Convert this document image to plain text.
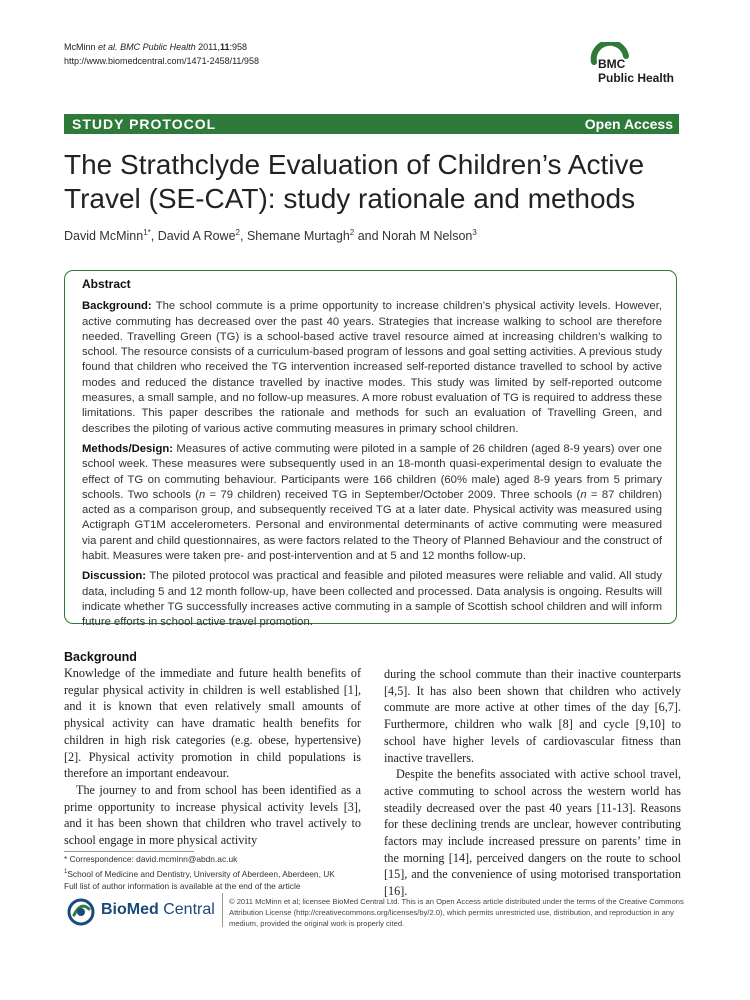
McMinn et al. BMC Public Health 2011,11:958
http://www.biomedcentral.com/1471-2458/11/958	BMC
Public Health
STUDY PROTOCOL	Open Access
The Strathclyde Evaluation of Children’s Active Travel (SE-CAT): study rationale and methods
David McMinn$^{1*}$, David A Rowe$^2$, Shemane Murtagh$^2$ and Norah M Nelson$^3$
Abstract

Background: The school commute is a prime opportunity to increase children’s physical activity levels. However, active commuting has decreased over the past 40 years. Strategies that increase walking to school are therefore needed. Travelling Green (TG) is a school-based active travel resource aimed at increasing children’s walking to school. The resource consists of a curriculum-based program of lessons and goal setting activities. A previous study found that children who received the TG intervention increased self-reported distance travelled to school by active modes and reduced the distance travelled by inactive modes. This study was limited by self-reported outcome measures, a small sample, and no follow-up measures. A more robust evaluation of TG is required to address these limitations. This paper describes the rationale and methods for such an evaluation of Travelling Green, and describes the piloting of various active commuting measures in primary school children.

Methods/Design: Measures of active commuting were piloted in a sample of 26 children (aged 8-9 years) over one school week. These measures were subsequently used in an 18-month quasi-experimental design to evaluate the effect of TG on commuting behaviour. Participants were 166 children (60% male) aged 8-9 years from 5 primary schools. Two schools (n = 79 children) received TG in September/October 2009. Three schools (n = 87 children) acted as a comparison group, and subsequently received TG at a later date. Physical activity was measured using Actigraph GT1M accelerometers. Personal and environmental determinants of active commuting were measured via parent and child questionnaires, as were factors related to the Theory of Planned Behaviour and the construct of habit. Measures were taken pre- and post-intervention and at 5 and 12 months follow-up.

Discussion: The piloted protocol was practical and feasible and piloted measures were reliable and valid. All study data, including 5 and 12 month follow-up, have been collected and processed. Data analysis is ongoing. Results will indicate whether TG successfully increases active commuting in a sample of Scottish school children and will inform future efforts in school active travel promotion.

Background

Knowledge of the immediate and future health benefits of regular physical activity in children is well established [1], and it is known that even relatively small amounts of physical activity can have dramatic health benefits for children in high risk categories (e.g. obese, hypertensive) [2]. Physical activity promotion in child populations is therefore an important endeavour.

The journey to and from school has been identified as a prime opportunity to increase physical activity levels [3], and it has been shown that children who travel actively to school engage in more physical activity

during the school commute than their inactive counterparts [4,5]. It has also been shown that children who actively commute are more active at other times of the day [6,7]. Furthermore, children who walk [8] and cycle [9,10] to school have higher levels of cardiovascular fitness than inactive travellers.

Despite the benefits associated with active school travel, active commuting to school across the western world has steadily decreased over the past 40 years [11-13]. Reasons for these declining trends are unclear, however contributing factors may include increased pressure on parents’ time in the morning [14], perceived dangers on the route to school [15], and the convenience of using motorised transportation [16].

* Correspondence: david.mcminn@abdn.ac.uk
$^1$School of Medicine and Dentistry, University of Aberdeen, Aberdeen, UK
Full list of author information is available at the end of the article
BioMed Central © 2011 McMinn et al; licensee BioMed Central Ltd. This is an Open Access article distributed under the terms of the Creative Commons Attribution License (http://creativecommons.org/licenses/by/2.0), which permits unrestricted use, distribution, and reproduction in any medium, provided the original work is properly cited.
